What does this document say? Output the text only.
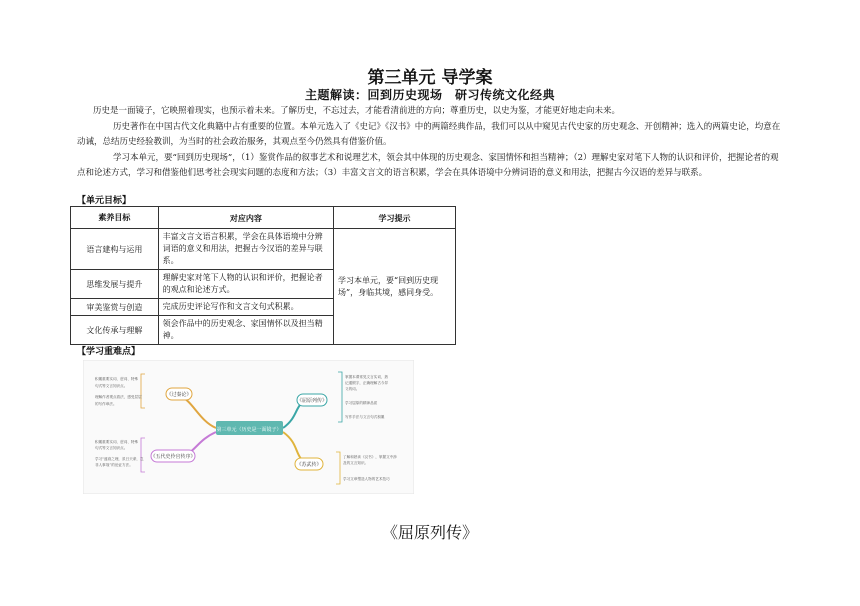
第三单元 导学案
主题解读：回到历史现场　研习传统文化经典
历史是一面镜子，它映照着现实，也预示着未来。了解历史，不忘过去，才能看清前进的方向；尊重历史，以史为鉴，才能更好地走向未来。
历史著作在中国古代文化典籍中占有重要的位置。本单元选入了《史记》《汉书》中的两篇经典作品，我们可以从中窥见古代史家的历史观念、开创精神；选入的两篇史论，均意在动诫，总结历史经验教训，为当时的社会政治服务，其观点至今仍然具有借鉴价值。
学习本单元，要“回到历史现场”，（1）鉴赏作品的叙事艺术和说理艺术，领会其中体现的历史观念、家国情怀和担当精神；（2）理解史家对笔下人物的认识和评价，把握论者的观点和论述方式，学习和借鉴他们思考社会现实问题的态度和方法；（3）丰富文言文的语言积累，学会在具体语境中分辨词语的意义和用法，把握古今汉语的差异与联系。
【单元目标】
素养目标	对应内容	学习提示
语言建构与运用	丰富文言文语言积累，学会在具体语境中分辨词语的意义和用法，把握古今汉语的差异与联系。	学习本单元，要“回到历史现场”，身临其境，感同身受。
思维发展与提升	理解史家对笔下人物的认识和评价，把握论者的观点和论述方式。	
审美鉴赏与创造	完成历史评论写作和文言文句式积累。	
文化传承与理解	领会作品中的历史观念、家国情怀以及担当精神。	
【学习重难点】
第三单元（历史是一面镜子）
《过秦论》
《五代史伶官传序》
《屈原列传》
《苏武传》
积累重要实词、虚词、特殊
句式等文言知识点。
理解作者观点看法，感受层层
的写作章法。
积累重要实词、虚词、特殊
句式等文言知识点。
学习“盛衰之理，虽曰天命，岂
非人事哉”的论证方法。
掌握本课常见文言实词，熟
记通假字，正确理解古今异
义的词。
学习屈原的精神品质
写作手法与文言句式积累
了解和熟读《汉书》，掌握文中涉
及的文言知识。
学习文章塑造人物的艺术技巧
《屈原列传》
